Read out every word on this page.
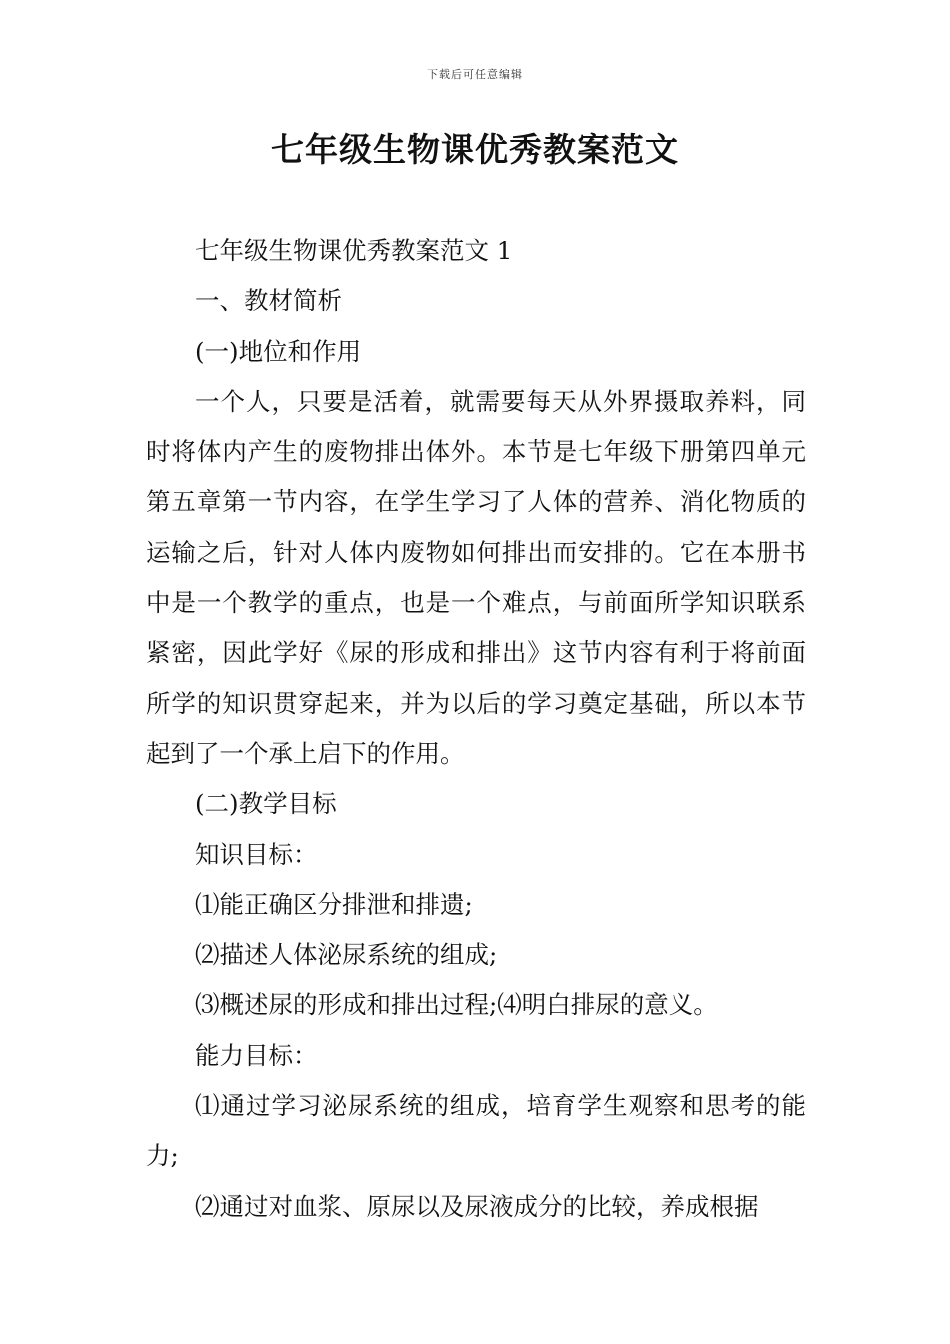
下载后可任意编辑
七年级生物课优秀教案范文

七年级生物课优秀教案范文 1

一、教材简析

(一)地位和作用

一个人，只要是活着，就需要每天从外界摄取养料，同时将体内产生的废物排出体外。本节是七年级下册第四单元第五章第一节内容，在学生学习了人体的营养、消化物质的运输之后，针对人体内废物如何排出而安排的。它在本册书中是一个教学的重点，也是一个难点，与前面所学知识联系紧密，因此学好《尿的形成和排出》这节内容有利于将前面所学的知识贯穿起来，并为以后的学习奠定基础，所以本节起到了一个承上启下的作用。

(二)教学目标

知识目标：

⑴能正确区分排泄和排遗;

⑵描述人体泌尿系统的组成;

⑶概述尿的形成和排出过程;⑷明白排尿的意义。

能力目标：

⑴通过学习泌尿系统的组成，培育学生观察和思考的能力;

⑵通过对血浆、原尿以及尿液成分的比较，养成根据
